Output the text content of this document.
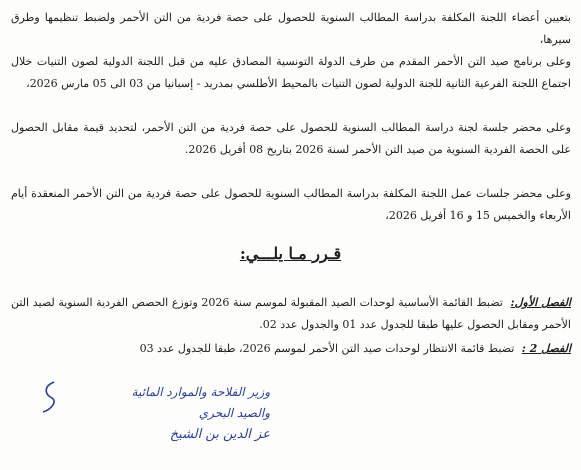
بتعيين أعضاء اللجنة المكلفة بدراسة المطالب السنوية للحصول على حصة فردية من التن الأحمر ولضبط تنظيمها وطرق سيرها،

وعلى برنامج صيد التن الأحمر المقدم من طرف الدولة التونسية المصادق عليه من قبل اللجنة الدولية لصون التنيات خلال اجتماع اللجنة الفرعية الثانية للجنة الدولية لصون التنيات بالمحيط الأطلسي بمدريد - إسبانيا من 03 الى 05 مارس 2026،

وعلى محضر جلسة لجنة دراسة المطالب السنوية للحصول على حصة فردية من التن الأحمر، لتحديد قيمة مقابل الحصول على الحصة الفردية السنوية من صيد التن الأحمر لسنة 2026 بتاريخ 08 أفريل 2026.

وعلى محضر جلسات عمل اللجنة المكلفة بدراسة المطالب السنوية للحصول على حصة فردية من التن الأحمر المنعقدة أيام الأربعاء والخميس 15 و 16 أفريل 2026،

قـرر مـا يلـــي:
الفصل الأول: تضبط القائمة الأساسية لوحدات الصيد المقبولة لموسم سنة 2026 وتوزع الحصص الفردية السنوية لصيد التن الأحمر ومقابل الحصول عليها طبقا للجدول عدد 01 والجدول عدد 02.
الفصل 2 : تضبط قائمة الانتظار لوحدات صيد التن الأحمر لموسم 2026، طبقا للجدول عدد 03
وزير الفلاحة والموارد المائية
والصيد البحري
عز الدين بن الشيخ
